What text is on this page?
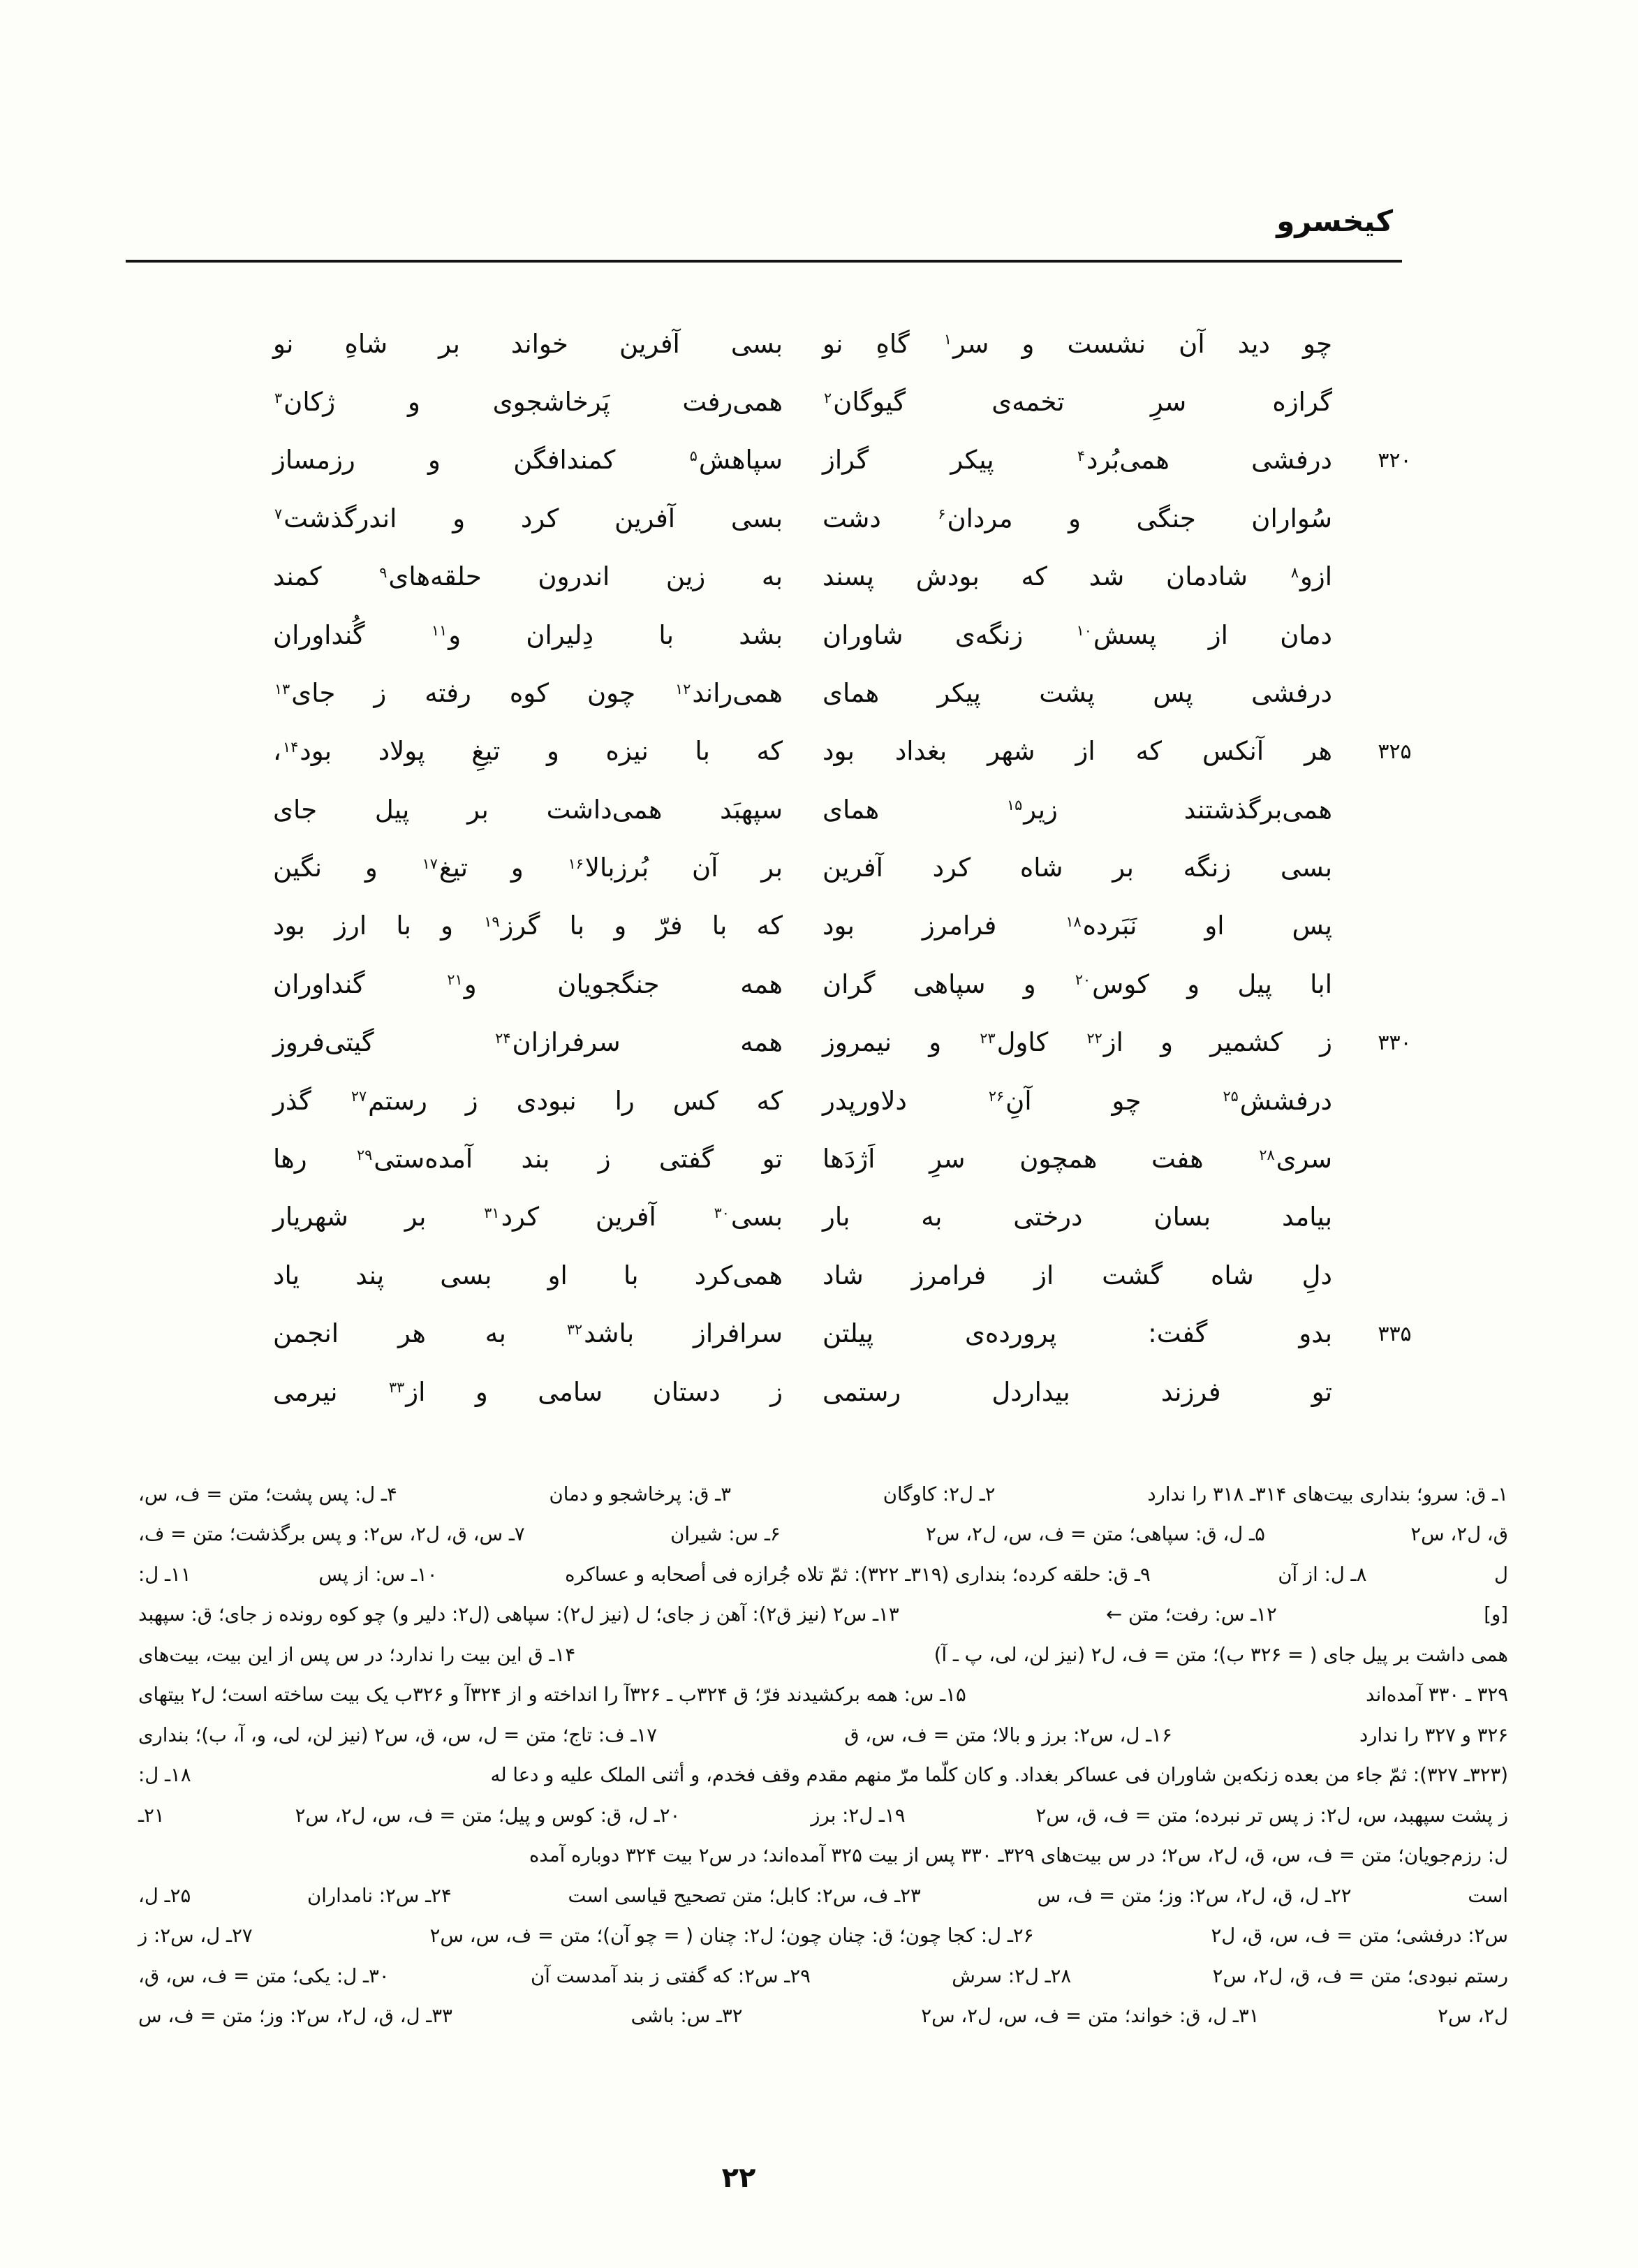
کیخسرو
چو دید آن نشست و سر$^۱$ گاهِ نو
بسی آفرین خواند بر شاهِ نو
گرازه سرِ تخمه‌ی گیوگان$^۲$
همی‌رفت پَرخاشجوی و ژکان$^۳$
۳۲۰
درفشی همی‌بُرد$^۴$ پیکر گراز
سپاهش$^۵$ کمندافگن و رزمساز
سُواران جنگی و مردان$^۶$ دشت
بسی آفرین کرد و اندرگذشت$^۷$
ازو$^۸$ شادمان شد که بودش پسند
به زین اندرون حلقه‌های$^۹$ کمند
دمان از پسش$^{۱۰}$ زنگه‌ی شاوران
بشد با دِلیران و$^{۱۱}$ گُنداوران
درفشی پس پشت پیکر همای
همی‌راند$^{۱۲}$ چون کوه رفته ز جای$^{۱۳}$
۳۲۵
هر آنکس که از شهر بغداد بود
که با نیزه و تیغِ پولاد بود$^{۱۴}$،
همی‌برگذشتند زیر$^{۱۵}$ همای
سپهبَد همی‌داشت بر پیل جای
بسی زنگه بر شاه کرد آفرین
بر آن بُرزبالا$^{۱۶}$ و تیغ$^{۱۷}$ و نگین
پس او نَبَرده$^{۱۸}$ فرامرز بود
که با فرّ و با گرز$^{۱۹}$ و با ارز بود
ابا پیل و کوس$^{۲۰}$ و سپاهی گران
همه جنگجویان و$^{۲۱}$ گنداوران
۳۳۰
ز کشمیر و از$^{۲۲}$ کاول$^{۲۳}$ و نیمروز
همه سرفرازان$^{۲۴}$ گیتی‌فروز
درفشش$^{۲۵}$ چو آنِ$^{۲۶}$ دلاورپدر
که کس را نبودی ز رستم$^{۲۷}$ گذر
سری$^{۲۸}$ هفت همچون سرِ اَژدَها
تو گفتی ز بند آمده‌ستی$^{۲۹}$ رها
بیامد بسان درختی به بار
بسی$^{۳۰}$ آفرین کرد$^{۳۱}$ بر شهریار
دلِ شاه گشت از فرامرز شاد
همی‌کرد با او بسی پند یاد
۳۳۵
بدو گفت: پرورده‌ی پیلتن
سرافراز باشد$^{۳۲}$ به هر انجمن
تو فرزند بیداردل رستمی
ز دستان سامی و از$^{۳۳}$ نیرمی
۱ـ ق: سرو؛ بنداری بیت‌های ۳۱۴ـ ۳۱۸ را ندارد
۲ـ ل۲: کاوگان
۳ـ ق: پرخاشجو و دمان
۴ـ ل: پس پشت؛ متن = ف، س،
ق، ل۲، س۲
۵ـ ل، ق: سپاهی؛ متن = ف، س، ل۲، س۲
۶ـ س: شیران
۷ـ س، ق، ل۲، س۲: و پس برگذشت؛ متن = ف،
ل
۸ـ ل: از آن
۹ـ ق: حلقه کرده؛ بنداری (۳۱۹ـ ۳۲۲): ثمّ تلاه جُرازه فی أصحابه و عساکره
۱۰ـ س: از پس
۱۱ـ ل:
[و]
۱۲ـ س: رفت؛ متن ←
۱۳ـ س۲ (نیز ق۲): آهن ز جای؛ ل (نیز ل۲): سپاهی (ل۲: دلیر و) چو کوه رونده ز جای؛ ق: سپهبد
همی داشت بر پیل جای ( = ۳۲۶ ب)؛ متن = ف، ل۲ (نیز لن، لی، پ ـ آ)
۱۴ـ ق این بیت را ندارد؛ در س پس از این بیت، بیت‌های
۳۲۹ ـ ۳۳۰ آمده‌اند
۱۵ـ س: همه برکشیدند فرّ؛ ق ۳۲۴ب ـ ۳۲۶آ را انداخته و از ۳۲۴آ و ۳۲۶ب یک بیت ساخته است؛ ل۲ بیتهای
۳۲۶ و ۳۲۷ را ندارد
۱۶ـ ل، س۲: برز و بالا؛ متن = ف، س، ق
۱۷ـ ف: تاج؛ متن = ل، س، ق، س۲ (نیز لن، لی، و، آ، ب)؛ بنداری
(۳۲۳ـ ۳۲۷): ثمّ جاء من بعده زنکه‌بن شاوران فی عساکر بغداد. و کان کلّما مرّ منهم مقدم وقف فخدم، و أثنی الملک علیه و دعا له
۱۸ـ ل:
ز پشت سپهبد، س، ل۲: ز پس تر نبرده؛ متن = ف، ق، س۲
۱۹ـ ل۲: برز
۲۰ـ ل، ق: کوس و پیل؛ متن = ف، س، ل۲، س۲
۲۱ـ
ل: رزم‌جویان؛ متن = ف، س، ق، ل۲، س۲؛ در س بیت‌های ۳۲۹ـ ۳۳۰ پس از بیت ۳۲۵ آمده‌اند؛ در س۲ بیت ۳۲۴ دوباره آمده
است
۲۲ـ ل، ق، ل۲، س۲: وز؛ متن = ف، س
۲۳ـ ف، س۲: کابل؛ متن تصحیح قیاسی است
۲۴ـ س۲: نامداران
۲۵ـ ل،
س۲: درفشی؛ متن = ف، س، ق، ل۲
۲۶ـ ل: کجا چون؛ ق: چنان چون؛ ل۲: چنان ( = چو آن)؛ متن = ف، س، س۲
۲۷ـ ل، س۲: ز
رستم نبودی؛ متن = ف، ق، ل۲، س۲
۲۸ـ ل۲: سرش
۲۹ـ س۲: که گفتی ز بند آمدست آن
۳۰ـ ل: یکی؛ متن = ف، س، ق،
ل۲، س۲
۳۱ـ ل، ق: خواند؛ متن = ف، س، ل۲، س۲
۳۲ـ س: باشی
۳۳ـ ل، ق، ل۲، س۲: وز؛ متن = ف، س
۲۲
